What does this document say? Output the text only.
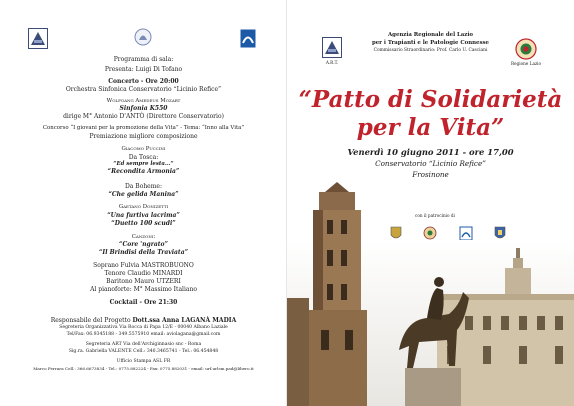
Programma di sala:
Presenta: Luigi Di Tofano
Concerto - Ore 20:00
Orchestra Sinfonica Conservatorio “Licinio Refice”
Wolfgang Amedeus Mozart
Sinfonia K550
dirige M° Antonio D'ANTÒ (Direttore Conservatorio)
Concorso “I giovani per la promozione della Vita” - Tema: “Inno alla Vita”
Premiazione migliore composizione
Giacomo Puccini
Da Tosca:
“Ed sempre lesta...”
“Recondita Armonia”
Da Boheme:
“Che gelida Manina”
Gaetano Donizetti
“Una furtiva lacrima”
“Duetto 100 scudi”
Canzoni:
“Core 'ngrato”
“Il Brindisi della Traviata”
Soprano Fulvia MASTROBUONO
Tenore Claudio MINARDI
Baritono Mauro UTZERI
Al pianoforte: M° Massimo Italiano
Cocktail - Ore 21:30
Responsabile del Progetto Dott.ssa Anna LAGANÀ MADIA
Segreteria Organizzativa Via Rocca di Papa 12/E - 00040 Albano Laziale
Tel/Fax: 06.9345188 - 349.5575910 email: aviolagana@gmail.com
Segreteria ART Via dell'Archiginnasio snc - Roma
Sig.ra. Gabriella VALENTE Cell.: 340.3465741 - Tel.: 06.454848
Ufficio Stampa ASL FR
Marco Ferrara Cell.: 366.6673834 - Tel.: 0775.882224 - Fax: 0775.882031 - email: urf.urlsm.pad@libero.it
A.R.T.
Agenzia Regionale del Lazio
per i Trapianti e le Patologie Connesse
Commissario Straordinario: Prof. Carlo U. Casciani
Regione Lazio
“Patto di Solidarietà
per la Vita”
Venerdì 10 giugno 2011 - ore 17,00
Conservatorio “Licinio Refice”
Frosinone
con il patrocinio di
